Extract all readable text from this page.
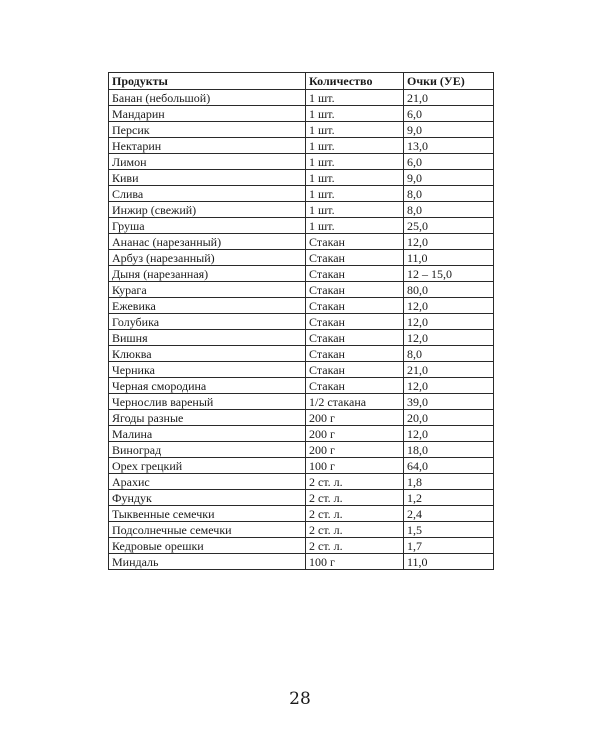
Продукты	Количество	Очки (УЕ)
Банан (небольшой)	1 шт.	21,0
Мандарин	1 шт.	6,0
Персик	1 шт.	9,0
Нектарин	1 шт.	13,0
Лимон	1 шт.	6,0
Киви	1 шт.	9,0
Слива	1 шт.	8,0
Инжир (свежий)	1 шт.	8,0
Груша	1 шт.	25,0
Ананас (нарезанный)	Стакан	12,0
Арбуз (нарезанный)	Стакан	11,0
Дыня (нарезанная)	Стакан	12 – 15,0
Курага	Стакан	80,0
Ежевика	Стакан	12,0
Голубика	Стакан	12,0
Вишня	Стакан	12,0
Клюква	Стакан	8,0
Черника	Стакан	21,0
Черная смородина	Стакан	12,0
Чернослив вареный	1/2 стакана	39,0
Ягоды разные	200 г	20,0
Малина	200 г	12,0
Виноград	200 г	18,0
Орех грецкий	100 г	64,0
Арахис	2 ст. л.	1,8
Фундук	2 ст. л.	1,2
Тыквенные семечки	2 ст. л.	2,4
Подсолнечные семечки	2 ст. л.	1,5
Кедровые орешки	2 ст. л.	1,7
Миндаль	100 г	11,0
28
